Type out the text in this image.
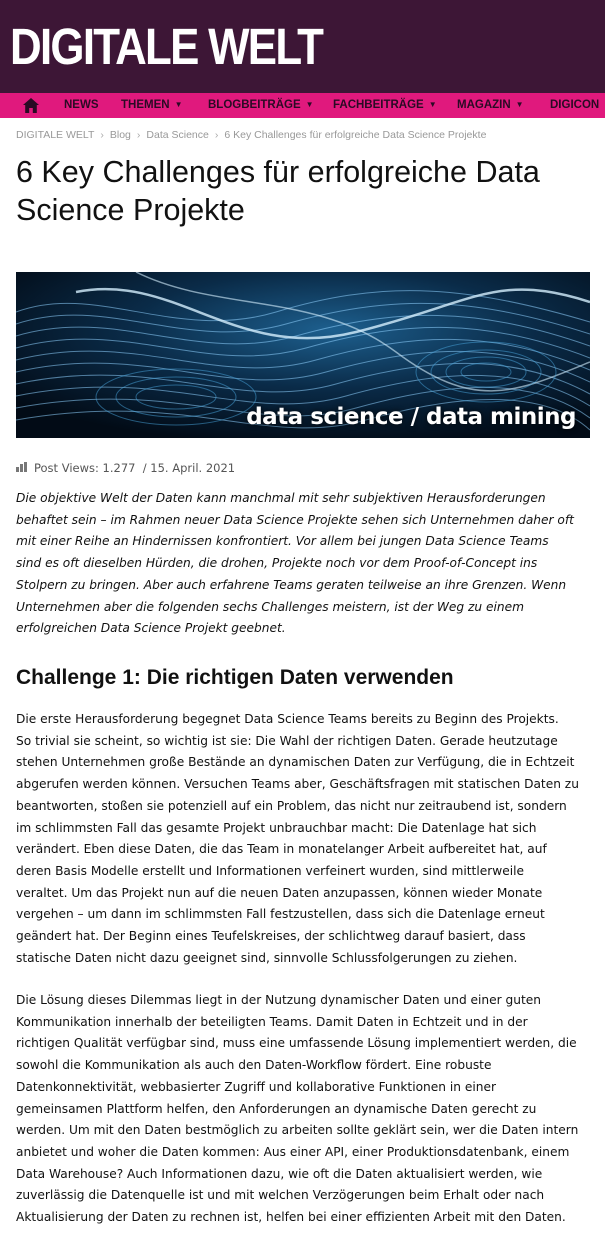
DIGITALE WELT
NEWS THEMEN ▼ BLOGBEITRÄGE ▼ FACHBEITRÄGE ▼ MAGAZIN ▼ DIGICON
DIGITALE WELT › Blog › Data Science › 6 Key Challenges für erfolgreiche Data Science Projekte
6 Key Challenges für erfolgreiche Data
Science Projekte
data science / data mining
Post Views: 1.277 / 15. April. 2021
Die objektive Welt der Daten kann manchmal mit sehr subjektiven Herausforderungen
behaftet sein – im Rahmen neuer Data Science Projekte sehen sich Unternehmen daher oft
mit einer Reihe an Hindernissen konfrontiert. Vor allem bei jungen Data Science Teams
sind es oft dieselben Hürden, die drohen, Projekte noch vor dem Proof-of-Concept ins
Stolpern zu bringen. Aber auch erfahrene Teams geraten teilweise an ihre Grenzen. Wenn
Unternehmen aber die folgenden sechs Challenges meistern, ist der Weg zu einem
erfolgreichen Data Science Projekt geebnet.
Challenge 1: Die richtigen Daten verwenden
Die erste Herausforderung begegnet Data Science Teams bereits zu Beginn des Projekts.
So trivial sie scheint, so wichtig ist sie: Die Wahl der richtigen Daten. Gerade heutzutage
stehen Unternehmen große Bestände an dynamischen Daten zur Verfügung, die in Echtzeit
abgerufen werden können. Versuchen Teams aber, Geschäftsfragen mit statischen Daten zu
beantworten, stoßen sie potenziell auf ein Problem, das nicht nur zeitraubend ist, sondern
im schlimmsten Fall das gesamte Projekt unbrauchbar macht: Die Datenlage hat sich
verändert. Eben diese Daten, die das Team in monatelanger Arbeit aufbereitet hat, auf
deren Basis Modelle erstellt und Informationen verfeinert wurden, sind mittlerweile
veraltet. Um das Projekt nun auf die neuen Daten anzupassen, können wieder Monate
vergehen – um dann im schlimmsten Fall festzustellen, dass sich die Datenlage erneut
geändert hat. Der Beginn eines Teufelskreises, der schlichtweg darauf basiert, dass
statische Daten nicht dazu geeignet sind, sinnvolle Schlussfolgerungen zu ziehen.
Die Lösung dieses Dilemmas liegt in der Nutzung dynamischer Daten und einer guten
Kommunikation innerhalb der beteiligten Teams. Damit Daten in Echtzeit und in der
richtigen Qualität verfügbar sind, muss eine umfassende Lösung implementiert werden, die
sowohl die Kommunikation als auch den Daten-Workflow fördert. Eine robuste
Datenkonnektivität, webbasierter Zugriff und kollaborative Funktionen in einer
gemeinsamen Plattform helfen, den Anforderungen an dynamische Daten gerecht zu
werden. Um mit den Daten bestmöglich zu arbeiten sollte geklärt sein, wer die Daten intern
anbietet und woher die Daten kommen: Aus einer API, einer Produktionsdatenbank, einem
Data Warehouse? Auch Informationen dazu, wie oft die Daten aktualisiert werden, wie
zuverlässig die Datenquelle ist und mit welchen Verzögerungen beim Erhalt oder nach
Aktualisierung der Daten zu rechnen ist, helfen bei einer effizienten Arbeit mit den Daten.
